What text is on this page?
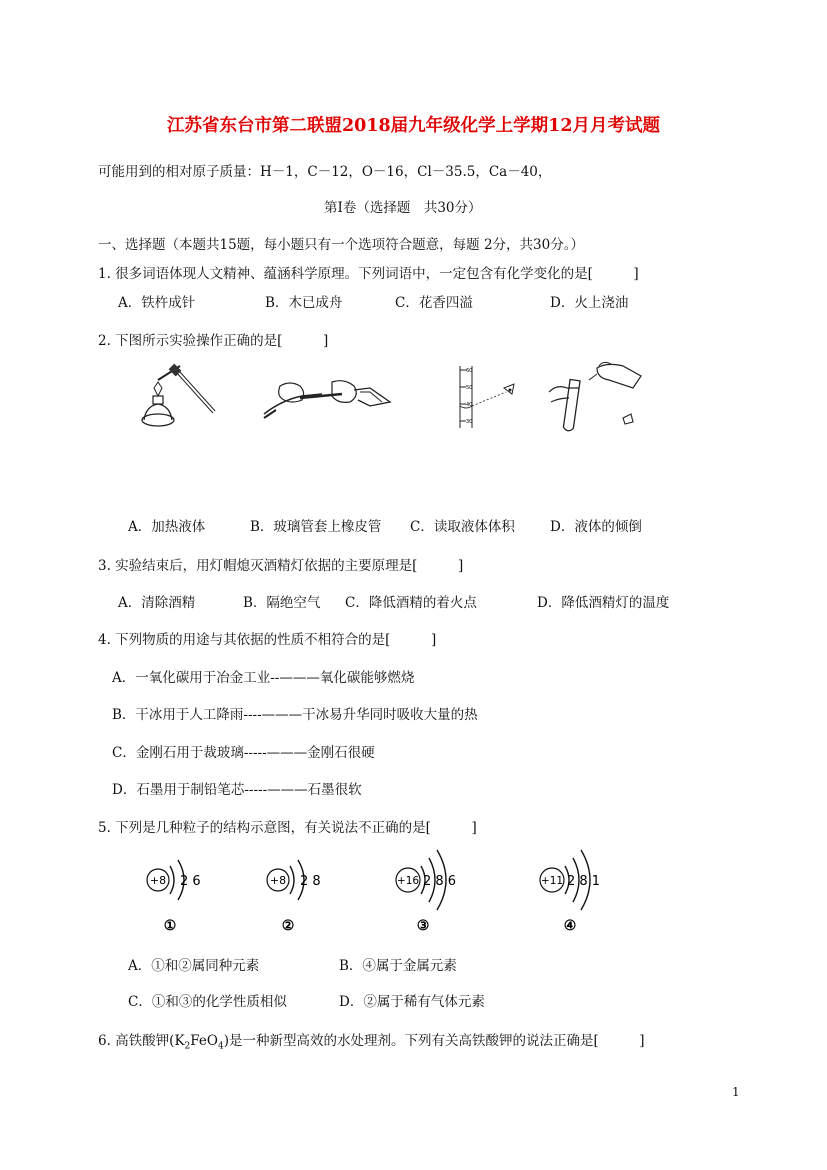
江苏省东台市第二联盟2018届九年级化学上学期12月月考试题
可能用到的相对原子质量：H－1，C－12，O－16，Cl－35.5，Ca－40，
第Ⅰ卷（选择题　共30分）
一、选择题（本题共15题，每小题只有一个选项符合题意，每题 2分，共30分。）
1. 很多词语体现人文精神、蕴涵科学原理。下列词语中，一定包含有化学变化的是[　　　]
A．铁杵成针	B．木已成舟	C．花香四溢	D．火上浇油
2. 下图所示实验操作正确的是[　　　]
60
50
40
30
A．加热液体	B．玻璃管套上橡皮管 C．读取液体体积	D．液体的倾倒
3. 实验结束后，用灯帽熄灭酒精灯依据的主要原理是[　　　]
A．清除酒精	B．隔绝空气 C．降低酒精的着火点	D．降低酒精灯的温度
4. 下列物质的用途与其依据的性质不相符合的是[　　　]
A．一氧化碳用于冶金工业--———氧化碳能够燃烧
B．干冰用于人工降雨----———干冰易升华同时吸收大量的热
C．金刚石用于裁玻璃-----———金刚石很硬
D．石墨用于制铅笔芯-----———石墨很软
5. 下列是几种粒子的结构示意图，有关说法不正确的是[　　　]
+8 2 6
①
+8 2 8
②
+16 2 8 6
③
+11 2 8 1
④
A．①和②属同种元素	B．④属于金属元素
C．①和③的化学性质相似	D．②属于稀有气体元素
6. 高铁酸钾$(K_2FeO_4)$是一种新型高效的水处理剂。下列有关高铁酸钾的说法正确是[　　　]
1
